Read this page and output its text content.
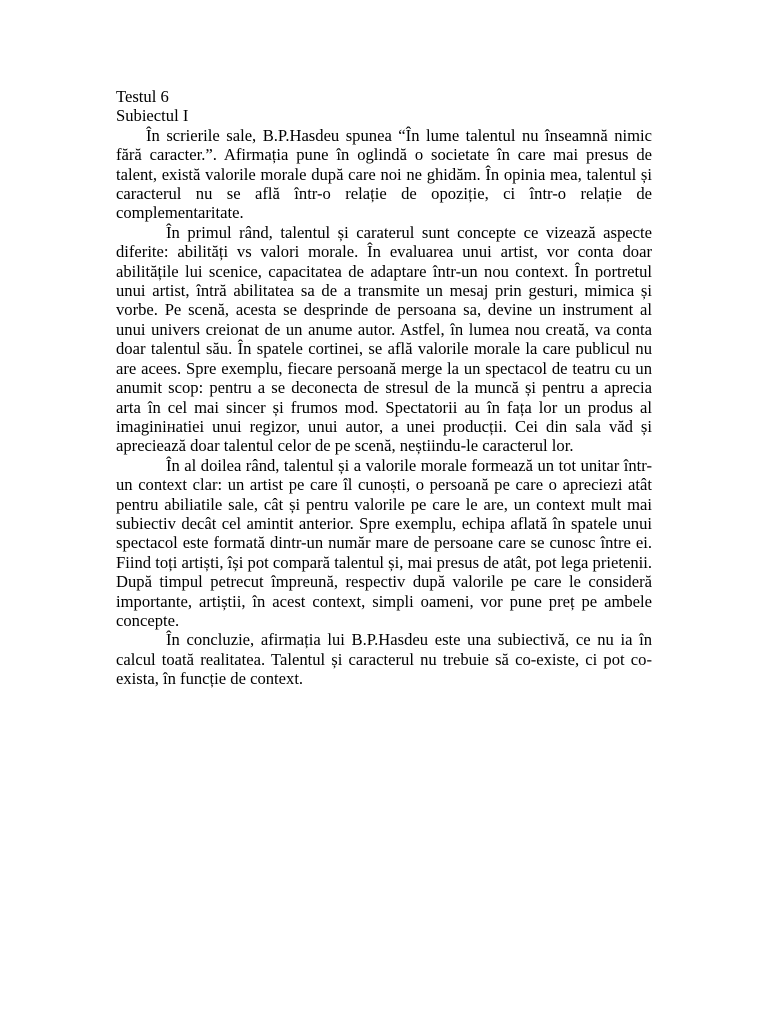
Testul 6
Subiectul I

În scrierile sale, B.P.Hasdeu spunea “În lume talentul nu înseamnă nimic fără caracter.”. Afirmația pune în oglindă o societate în care mai presus de talent, există valorile morale după care noi ne ghidăm. În opinia mea, talentul și caracterul nu se află într-o relație de opoziție, ci într-o relație de complementaritate.

În primul rând, talentul și caraterul sunt concepte ce vizează aspecte diferite: abilități vs valori morale. În evaluarea unui artist, vor conta doar abilitățile lui scenice, capacitatea de adaptare într-un nou context. În portretul unui artist, întră abilitatea sa de a transmite un mesaj prin gesturi, mimica și vorbe. Pe scenă, acesta se desprinde de persoana sa, devine un instrument al unui univers creionat de un anume autor. Astfel, în lumea nou creată, va conta doar talentul său. În spatele cortinei, se află valorile morale la care publicul nu are acees. Spre exemplu, fiecare persoană merge la un spectacol de teatru cu un anumit scop: pentru a se deconecta de stresul de la muncă și pentru a aprecia arta în cel mai sincer și frumos mod. Spectatorii au în fața lor un produs al imaginінatiei unui regizor, unui autor, a unei producții. Cei din sala văd și apreciează doar talentul celor de pe scenă, neștiindu-le caracterul lor.

În al doilea rând, talentul și a valorile morale formează un tot unitar într-un context clar: un artist pe care îl cunoști, o persoană pe care o apreciezi atât pentru abiliatile sale, cât și pentru valorile pe care le are, un context mult mai subiectiv decât cel amintit anterior. Spre exemplu, echipa aflată în spatele unui spectacol este formată dintr-un număr mare de persoane care se cunosc între ei. Fiind toți artiști, își pot compară talentul și, mai presus de atât, pot lega prietenii. După timpul petrecut împreună, respectiv după valorile pe care le consideră importante, artiștii, în acest context, simpli oameni, vor pune preț pe ambele concepte.

În concluzie, afirmația lui B.P.Hasdeu este una subiectivă, ce nu ia în calcul toată realitatea. Talentul și caracterul nu trebuie să co-existe, ci pot co-exista, în funcție de context.
